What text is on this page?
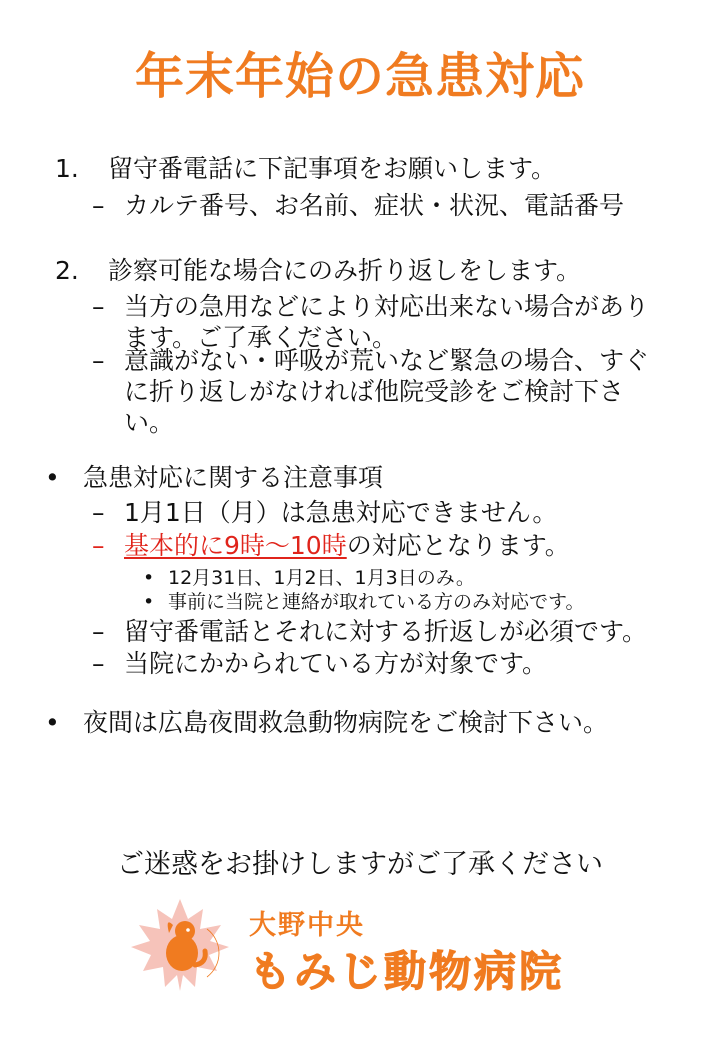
年末年始の急患対応
1. 留守番電話に下記事項をお願いします。
– カルテ番号、お名前、症状・状況、電話番号
2. 診察可能な場合にのみ折り返しをします。
– 当方の急用などにより対応出来ない場合があります。ご了承ください。
– 意識がない・呼吸が荒いなど緊急の場合、すぐに折り返しがなければ他院受診をご検討下さい。
• 急患対応に関する注意事項
– 1月1日（月）は急患対応できません。
– 基本的に9時〜10時の対応となります。
• 12月31日、1月2日、1月3日のみ。
• 事前に当院と連絡が取れている方のみ対応です。
– 留守番電話とそれに対する折返しが必須です。
– 当院にかかられている方が対象です。
• 夜間は広島夜間救急動物病院をご検討下さい。
ご迷惑をお掛けしますがご了承ください
大野中央
もみじ動物病院
